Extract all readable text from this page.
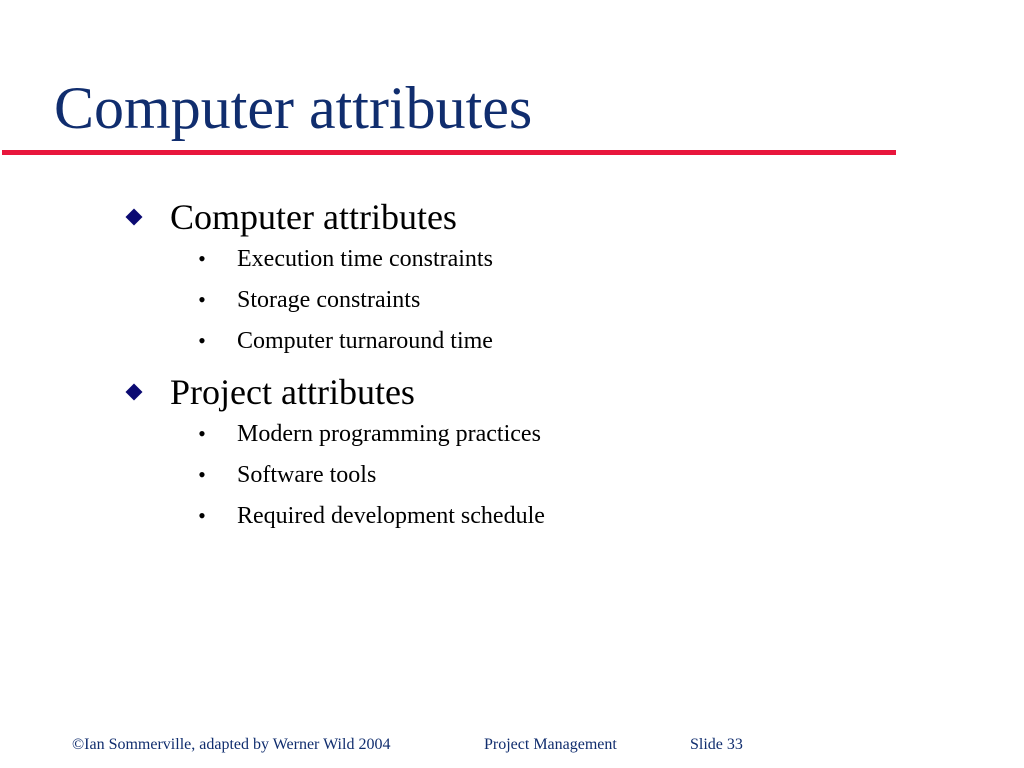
Computer attributes
Computer attributes
•	Execution time constraints
•	Storage constraints
•	Computer turnaround time
Project attributes
•	Modern programming practices
•	Software tools
•	Required development schedule
©Ian Sommerville, adapted by Werner Wild 2004	Project Management	Slide 33
